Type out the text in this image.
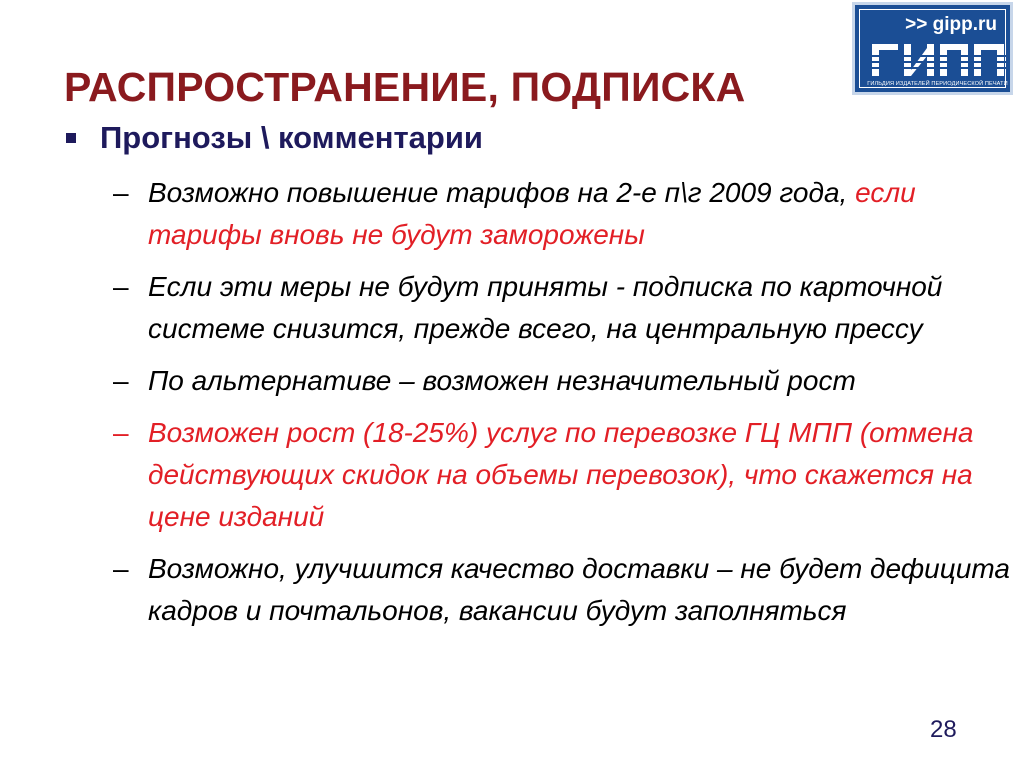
РАСПРОСТРАНЕНИЕ, ПОДПИСКА
>> gipp.ru
ГИЛЬДИЯ ИЗДАТЕЛЕЙ ПЕРИОДИЧЕСКОЙ ПЕЧАТИ
Прогнозы \ комментарии
– Возможно повышение тарифов на 2-е п\г 2009 года, если тарифы вновь не будут заморожены
– Если эти меры не будут приняты - подписка по карточной системе снизится, прежде всего, на центральную прессу
– По альтернативе – возможен незначительный рост
– Возможен рост (18-25%) услуг по перевозке ГЦ МПП (отмена действующих скидок на объемы перевозок), что скажется на цене изданий
– Возможно, улучшится качество доставки – не будет дефицита кадров и почтальонов, вакансии будут заполняться
28
